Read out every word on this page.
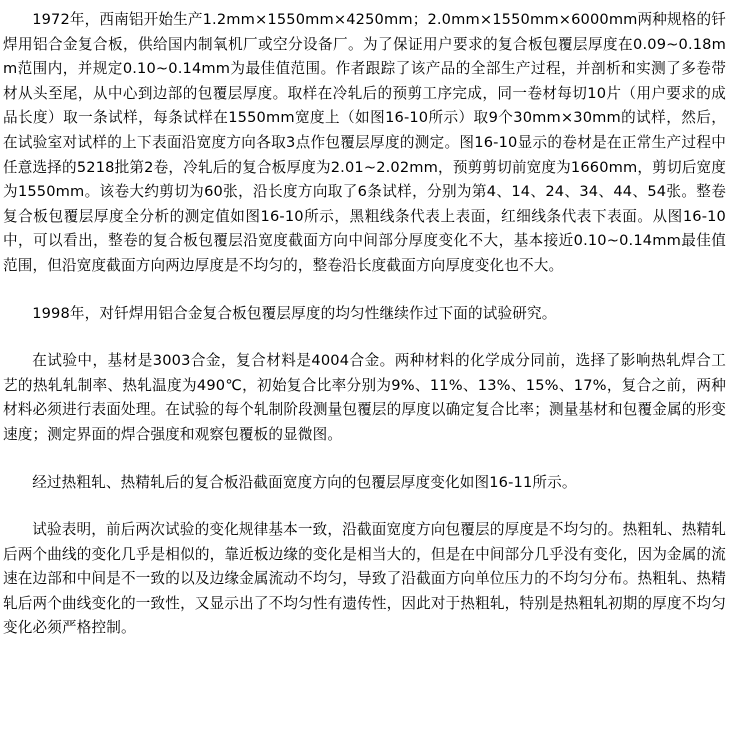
1972年，西南铝开始生产1.2mm×1550mm×4250mm；2.0mm×1550mm×6000mm两种规格的钎焊用铝合金复合板，供给国内制氧机厂或空分设备厂。为了保证用户要求的复合板包覆层厚度在0.09~0.18mm范围内，并规定0.10~0.14mm为最佳值范围。作者跟踪了该产品的全部生产过程，并剖析和实测了多卷带材从头至尾，从中心到边部的包覆层厚度。取样在冷轧后的预剪工序完成，同一卷材每切10片（用户要求的成品长度）取一条试样，每条试样在1550mm宽度上（如图16-10所示）取9个30mm×30mm的试样，然后，在试验室对试样的上下表面沿宽度方向各取3点作包覆层厚度的测定。图16-10显示的卷材是在正常生产过程中任意选择的5218批第2卷，冷轧后的复合板厚度为2.01~2.02mm，预剪剪切前宽度为1660mm，剪切后宽度为1550mm。该卷大约剪切为60张，沿长度方向取了6条试样，分别为第4、14、24、34、44、54张。整卷复合板包覆层厚度全分析的测定值如图16-10所示，黑粗线条代表上表面，红细线条代表下表面。从图16-10中，可以看出，整卷的复合板包覆层沿宽度截面方向中间部分厚度变化不大，基本接近0.10~0.14mm最佳值范围，但沿宽度截面方向两边厚度是不均匀的，整卷沿长度截面方向厚度变化也不大。

1998年，对钎焊用铝合金复合板包覆层厚度的均匀性继续作过下面的试验研究。

在试验中，基材是3003合金，复合材料是4004合金。两种材料的化学成分同前，选择了影响热轧焊合工艺的热轧轧制率、热轧温度为490℃，初始复合比率分别为9%、11%、13%、15%、17%，复合之前，两种材料必须进行表面处理。在试验的每个轧制阶段测量包覆层的厚度以确定复合比率；测量基材和包覆金属的形变速度；测定界面的焊合强度和观察包覆板的显微图。

经过热粗轧、热精轧后的复合板沿截面宽度方向的包覆层厚度变化如图16-11所示。

试验表明，前后两次试验的变化规律基本一致，沿截面宽度方向包覆层的厚度是不均匀的。热粗轧、热精轧后两个曲线的变化几乎是相似的，靠近板边缘的变化是相当大的，但是在中间部分几乎没有变化，因为金属的流速在边部和中间是不一致的以及边缘金属流动不均匀，导致了沿截面方向单位压力的不均匀分布。热粗轧、热精轧后两个曲线变化的一致性，又显示出了不均匀性有遗传性，因此对于热粗轧，特别是热粗轧初期的厚度不均匀变化必须严格控制。
